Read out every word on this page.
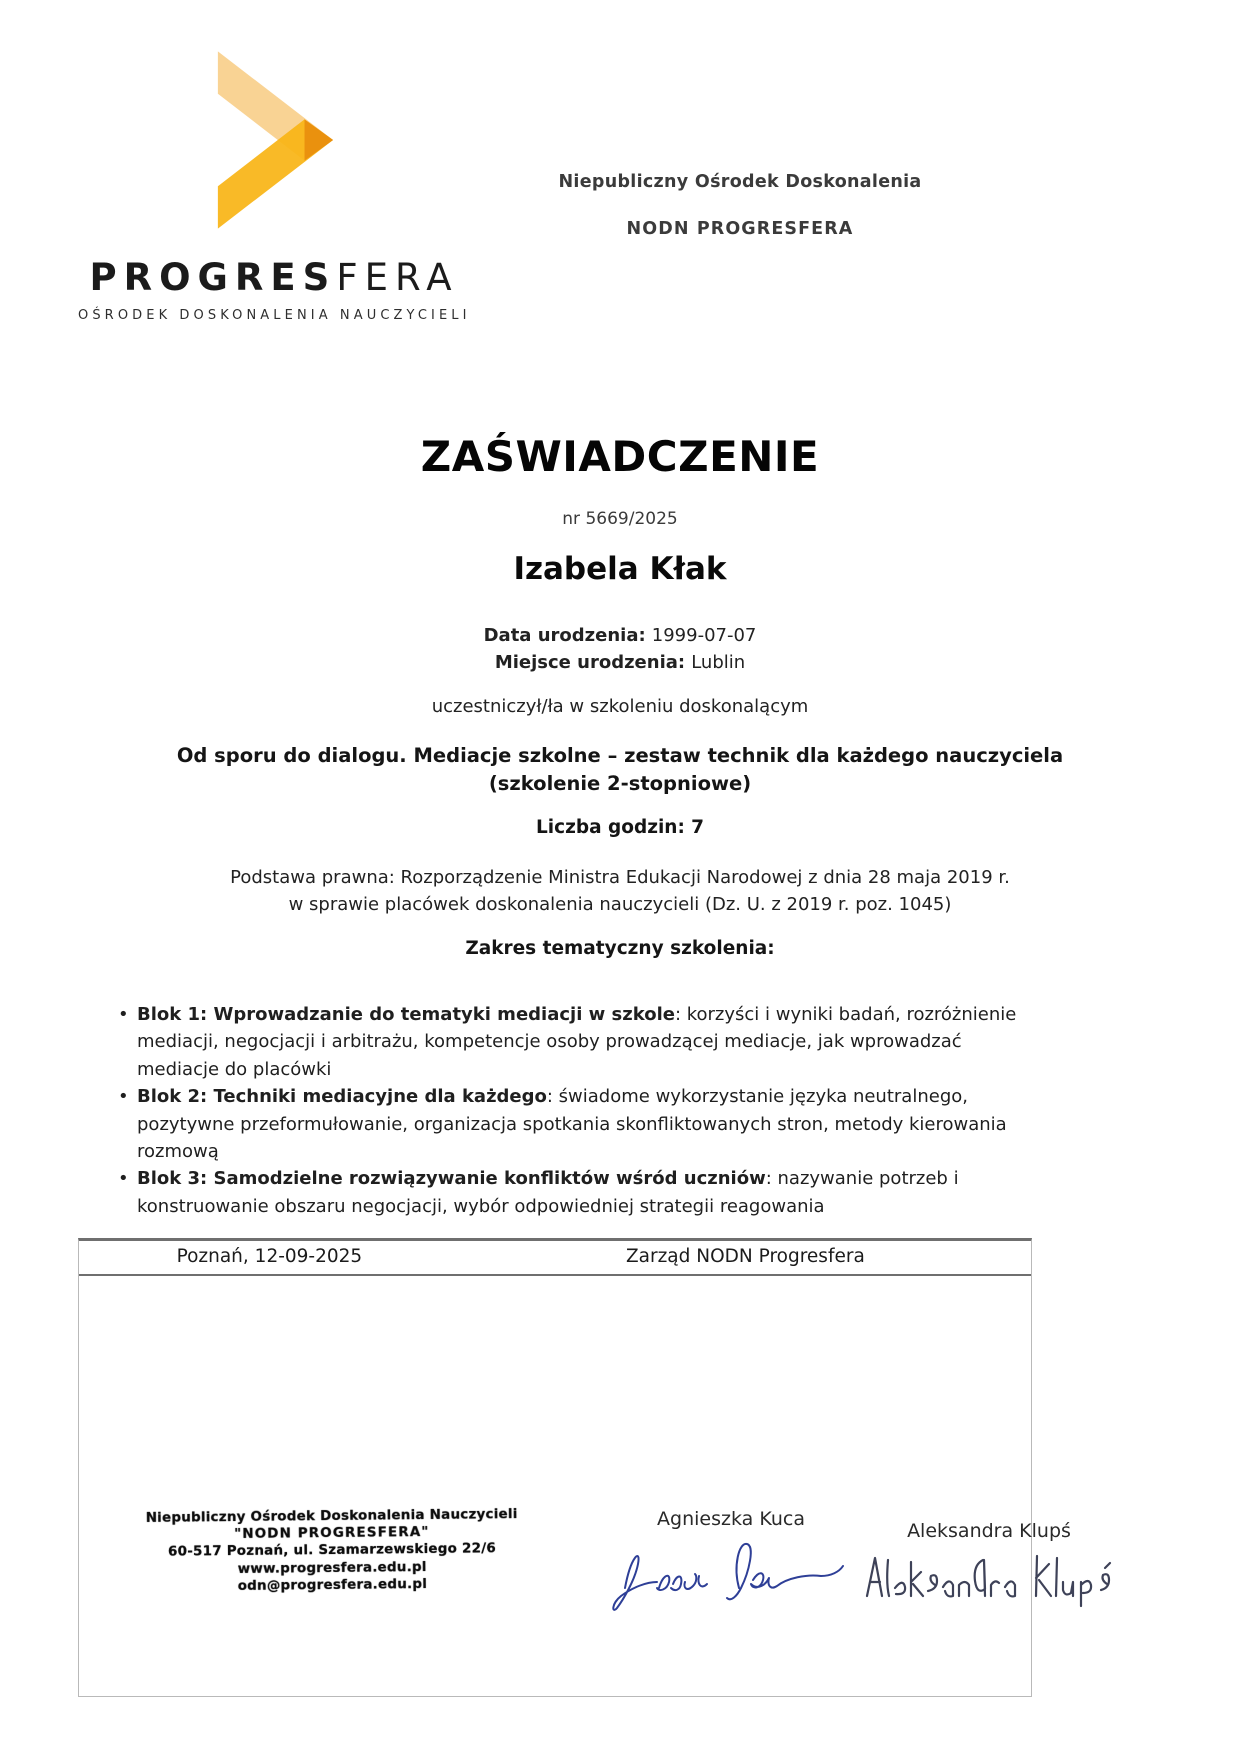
PROGRESFERA
OŚRODEK DOSKONALENIA NAUCZYCIELI
Niepubliczny Ośrodek Doskonalenia
NODN PROGRESFERA
ZAŚWIADCZENIE
nr 5669/2025
Izabela Kłak
Data urodzenia: 1999-07-07
Miejsce urodzenia: Lublin
uczestniczył/ła w szkoleniu doskonalącym
Od sporu do dialogu. Mediacje szkolne – zestaw technik dla każdego nauczyciela
(szkolenie 2-stopniowe)
Liczba godzin: 7
Podstawa prawna: Rozporządzenie Ministra Edukacji Narodowej z dnia 28 maja 2019 r.
w sprawie placówek doskonalenia nauczycieli (Dz. U. z 2019 r. poz. 1045)
Zakres tematyczny szkolenia:
• Blok 1: Wprowadzanie do tematyki mediacji w szkole: korzyści i wyniki badań, rozróżnienie mediacji, negocjacji i arbitrażu, kompetencje osoby prowadzącej mediacje, jak wprowadzać mediacje do placówki
• Blok 2: Techniki mediacyjne dla każdego: świadome wykorzystanie języka neutralnego, pozytywne przeformułowanie, organizacja spotkania skonfliktowanych stron, metody kierowania rozmową
• Blok 3: Samodzielne rozwiązywanie konfliktów wśród uczniów: nazywanie potrzeb i konstruowanie obszaru negocjacji, wybór odpowiedniej strategii reagowania
Poznań, 12-09-2025	Zarząd NODN Progresfera
Niepubliczny Ośrodek Doskonalenia Nauczycieli
"NODN PROGRESFERA"
60-517 Poznań, ul. Szamarzewskiego 22/6
www.progresfera.edu.pl
odn@progresfera.edu.pl
Agnieszka Kuca
Aleksandra Klupś
